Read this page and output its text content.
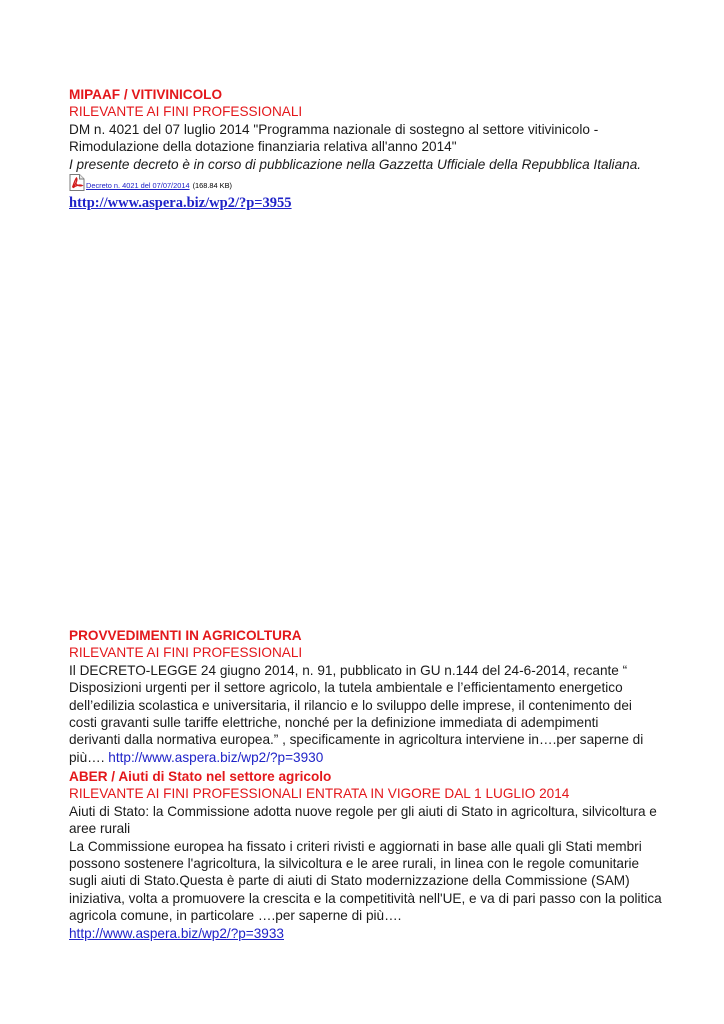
MIPAAF / VITIVINICOLO
RILEVANTE AI FINI PROFESSIONALI
DM n. 4021 del 07 luglio 2014 "Programma nazionale di sostegno al settore vitivinicolo -
Rimodulazione della dotazione finanziaria relativa all'anno 2014"
I presente decreto è in corso di pubblicazione nella Gazzetta Ufficiale della Repubblica Italiana.
Decreto n. 4021 del 07/07/2014 (168.84 KB)
http://www.aspera.biz/wp2/?p=3955
PROVVEDIMENTI IN AGRICOLTURA
RILEVANTE AI FINI PROFESSIONALI
Il DECRETO-LEGGE 24 giugno 2014, n. 91, pubblicato in GU n.144 del 24-6-2014, recante “
Disposizioni urgenti per il settore agricolo, la tutela ambientale e l’efficientamento energetico
dell’edilizia scolastica e universitaria, il rilancio e lo sviluppo delle imprese, il contenimento dei
costi gravanti sulle tariffe elettriche, nonché per la definizione immediata di adempimenti
derivanti dalla normativa europea.” , specificamente in agricoltura interviene in….per saperne di
più…. http://www.aspera.biz/wp2/?p=3930
ABER / Aiuti di Stato nel settore agricolo
RILEVANTE AI FINI PROFESSIONALI ENTRATA IN VIGORE DAL 1 LUGLIO 2014
Aiuti di Stato: la Commissione adotta nuove regole per gli aiuti di Stato in agricoltura, silvicoltura e
aree rurali
La Commissione europea ha fissato i criteri rivisti e aggiornati in base alle quali gli Stati membri
possono sostenere l'agricoltura, la silvicoltura e le aree rurali, in linea con le regole comunitarie
sugli aiuti di Stato.Questa è parte di aiuti di Stato modernizzazione della Commissione (SAM)
iniziativa, volta a promuovere la crescita e la competitività nell'UE, e va di pari passo con la politica
agricola comune, in particolare ….per saperne di più….
http://www.aspera.biz/wp2/?p=3933
